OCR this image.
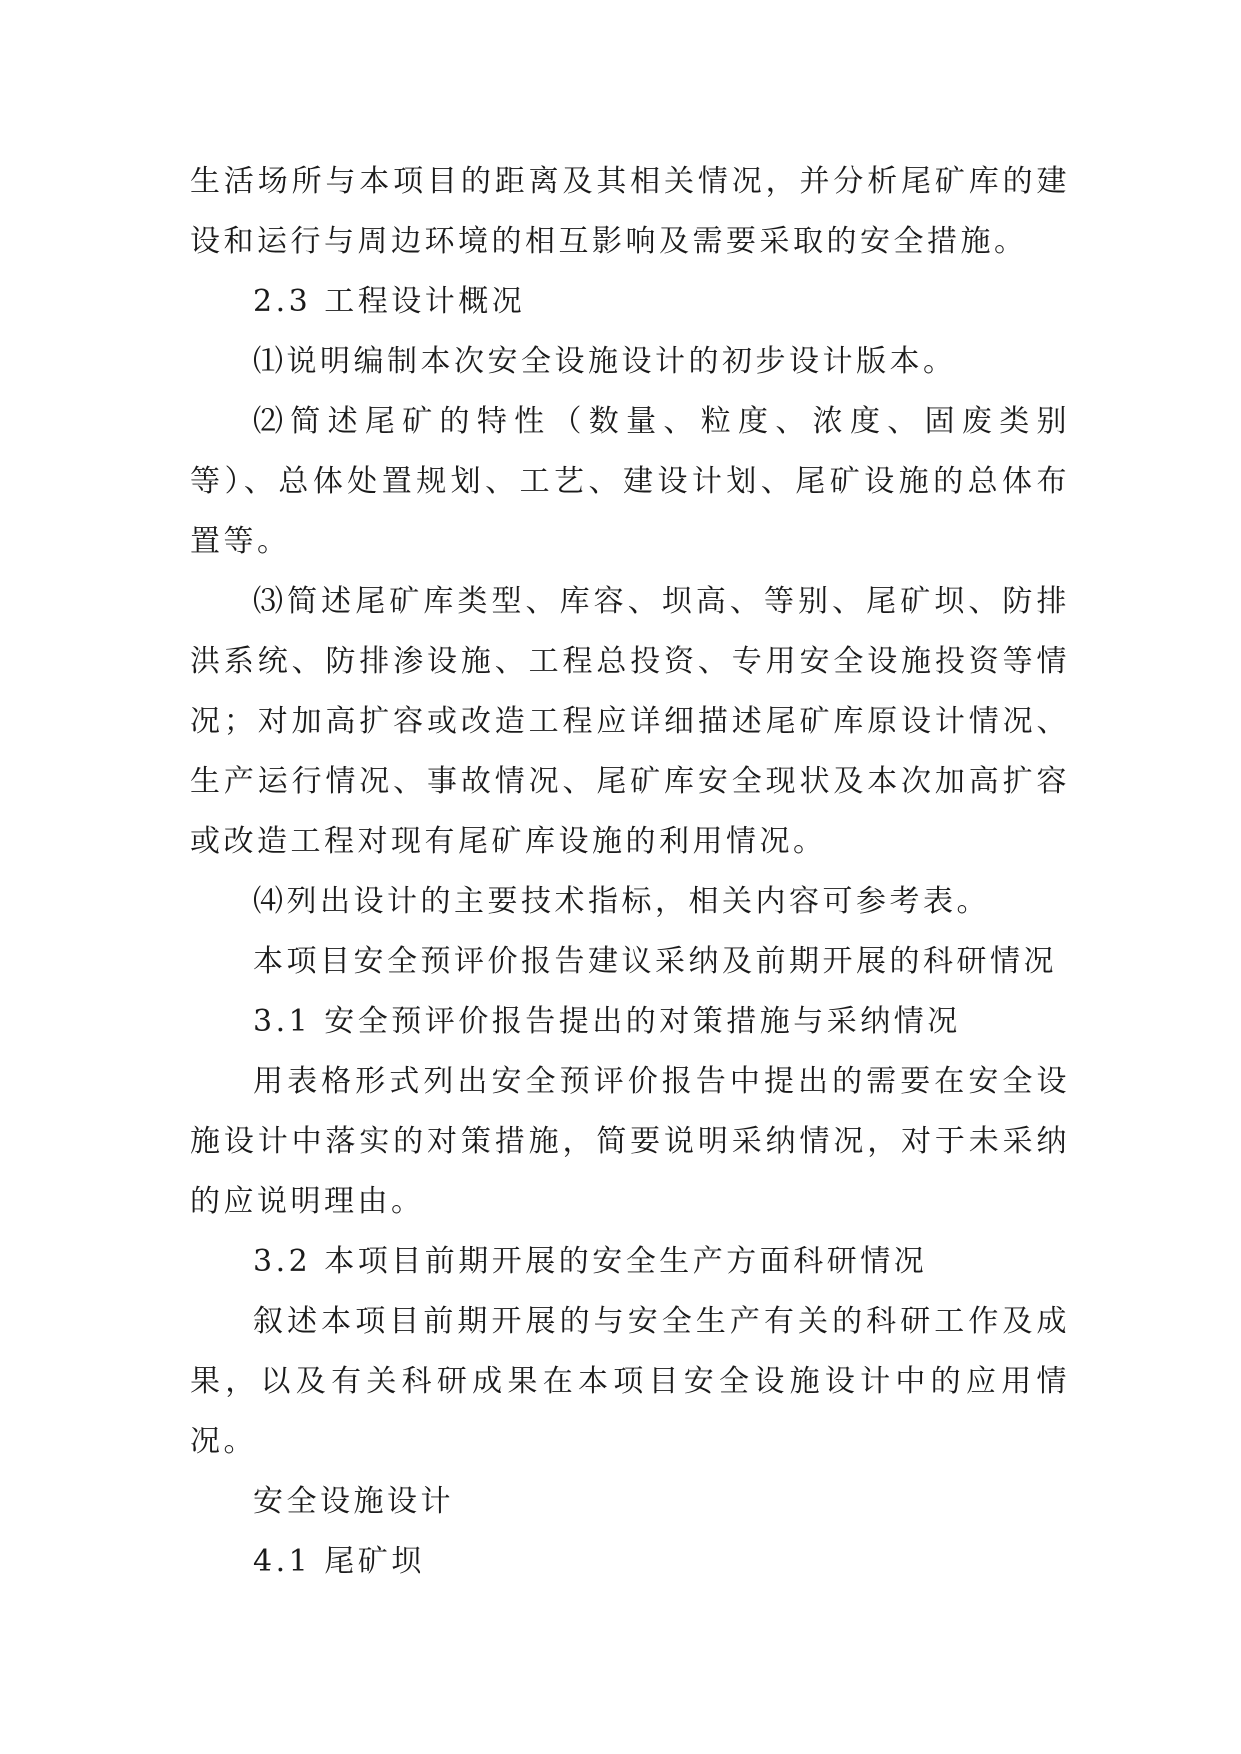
生活场所与本项目的距离及其相关情况，并分析尾矿库的建设和运行与周边环境的相互影响及需要采取的安全措施。

2.3 工程设计概况

⑴说明编制本次安全设施设计的初步设计版本。

⑵简述尾矿的特性（数量、粒度、浓度、固废类别等）、总体处置规划、工艺、建设计划、尾矿设施的总体布置等。

⑶简述尾矿库类型、库容、坝高、等别、尾矿坝、防排洪系统、防排渗设施、工程总投资、专用安全设施投资等情况；对加高扩容或改造工程应详细描述尾矿库原设计情况、生产运行情况、事故情况、尾矿库安全现状及本次加高扩容或改造工程对现有尾矿库设施的利用情况。

⑷列出设计的主要技术指标，相关内容可参考表。

本项目安全预评价报告建议采纳及前期开展的科研情况

3.1 安全预评价报告提出的对策措施与采纳情况

用表格形式列出安全预评价报告中提出的需要在安全设施设计中落实的对策措施，简要说明采纳情况，对于未采纳的应说明理由。

3.2 本项目前期开展的安全生产方面科研情况

叙述本项目前期开展的与安全生产有关的科研工作及成果，以及有关科研成果在本项目安全设施设计中的应用情况。

安全设施设计

4.1 尾矿坝
